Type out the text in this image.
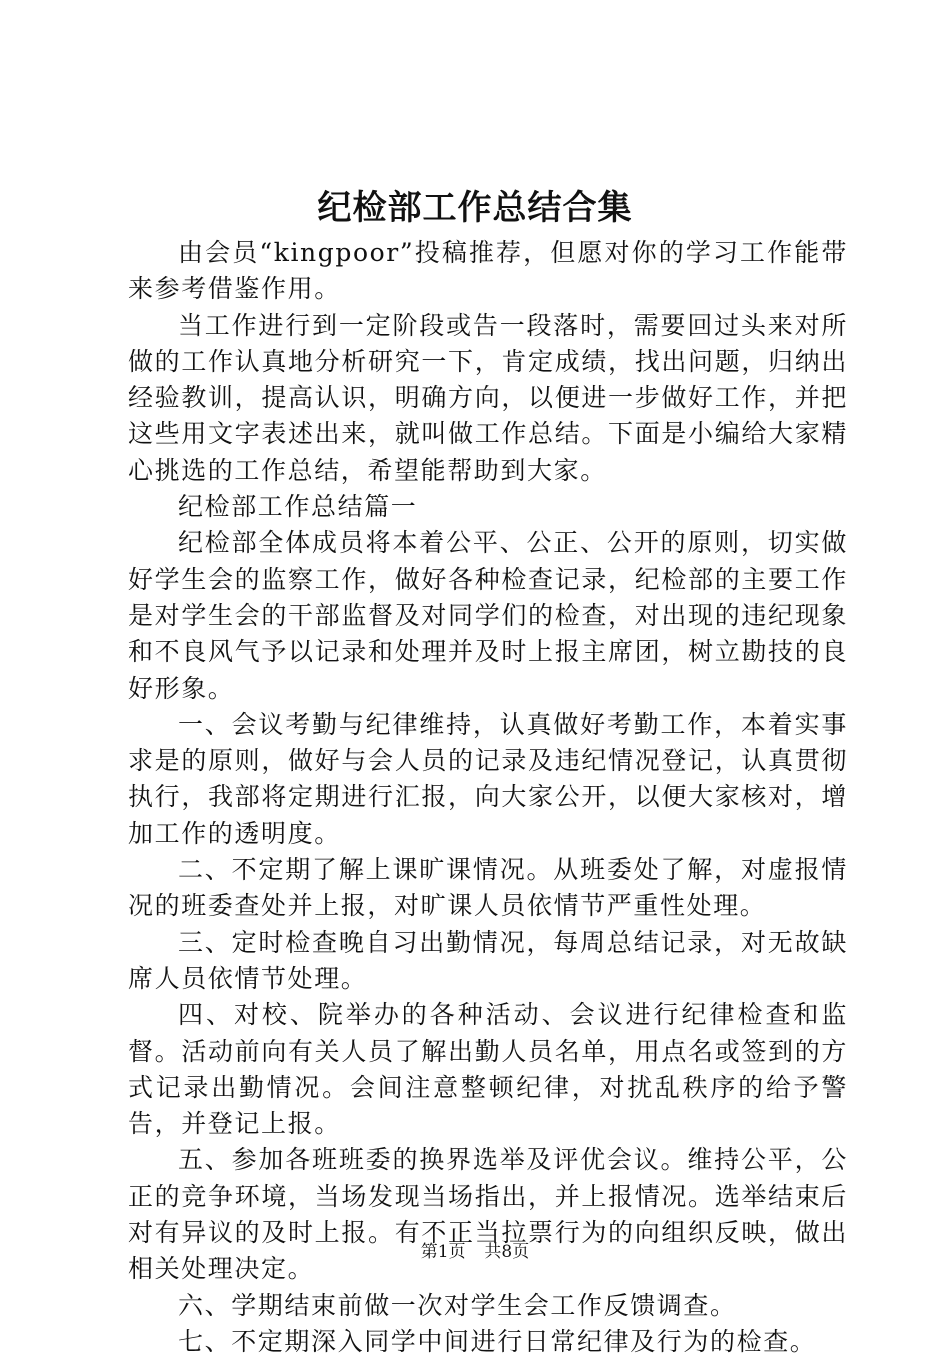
纪检部工作总结合集

由会员“kingpoor”投稿推荐，但愿对你的学习工作能带来参考借鉴作用。

当工作进行到一定阶段或告一段落时，需要回过头来对所做的工作认真地分析研究一下，肯定成绩，找出问题，归纳出经验教训，提高认识，明确方向，以便进一步做好工作，并把这些用文字表述出来，就叫做工作总结。下面是小编给大家精心挑选的工作总结，希望能帮助到大家。

纪检部工作总结篇一

纪检部全体成员将本着公平、公正、公开的原则，切实做好学生会的监察工作，做好各种检查记录，纪检部的主要工作是对学生会的干部监督及对同学们的检查，对出现的违纪现象和不良风气予以记录和处理并及时上报主席团，树立勘技的良好形象。

一、会议考勤与纪律维持，认真做好考勤工作，本着实事求是的原则，做好与会人员的记录及违纪情况登记，认真贯彻执行，我部将定期进行汇报，向大家公开，以便大家核对，增加工作的透明度。

二、不定期了解上课旷课情况。从班委处了解，对虚报情况的班委查处并上报，对旷课人员依情节严重性处理。

三、定时检查晚自习出勤情况，每周总结记录，对无故缺席人员依情节处理。

四、对校、院举办的各种活动、会议进行纪律检查和监督。活动前向有关人员了解出勤人员名单，用点名或签到的方式记录出勤情况。会间注意整顿纪律，对扰乱秩序的给予警告，并登记上报。

五、参加各班班委的换界选举及评优会议。维持公平，公正的竞争环境，当场发现当场指出，并上报情况。选举结束后对有异议的及时上报。有不正当拉票行为的向组织反映，做出相关处理决定。

六、学期结束前做一次对学生会工作反馈调查。

七、不定期深入同学中间进行日常纪律及行为的检查。

第1页 共8页
